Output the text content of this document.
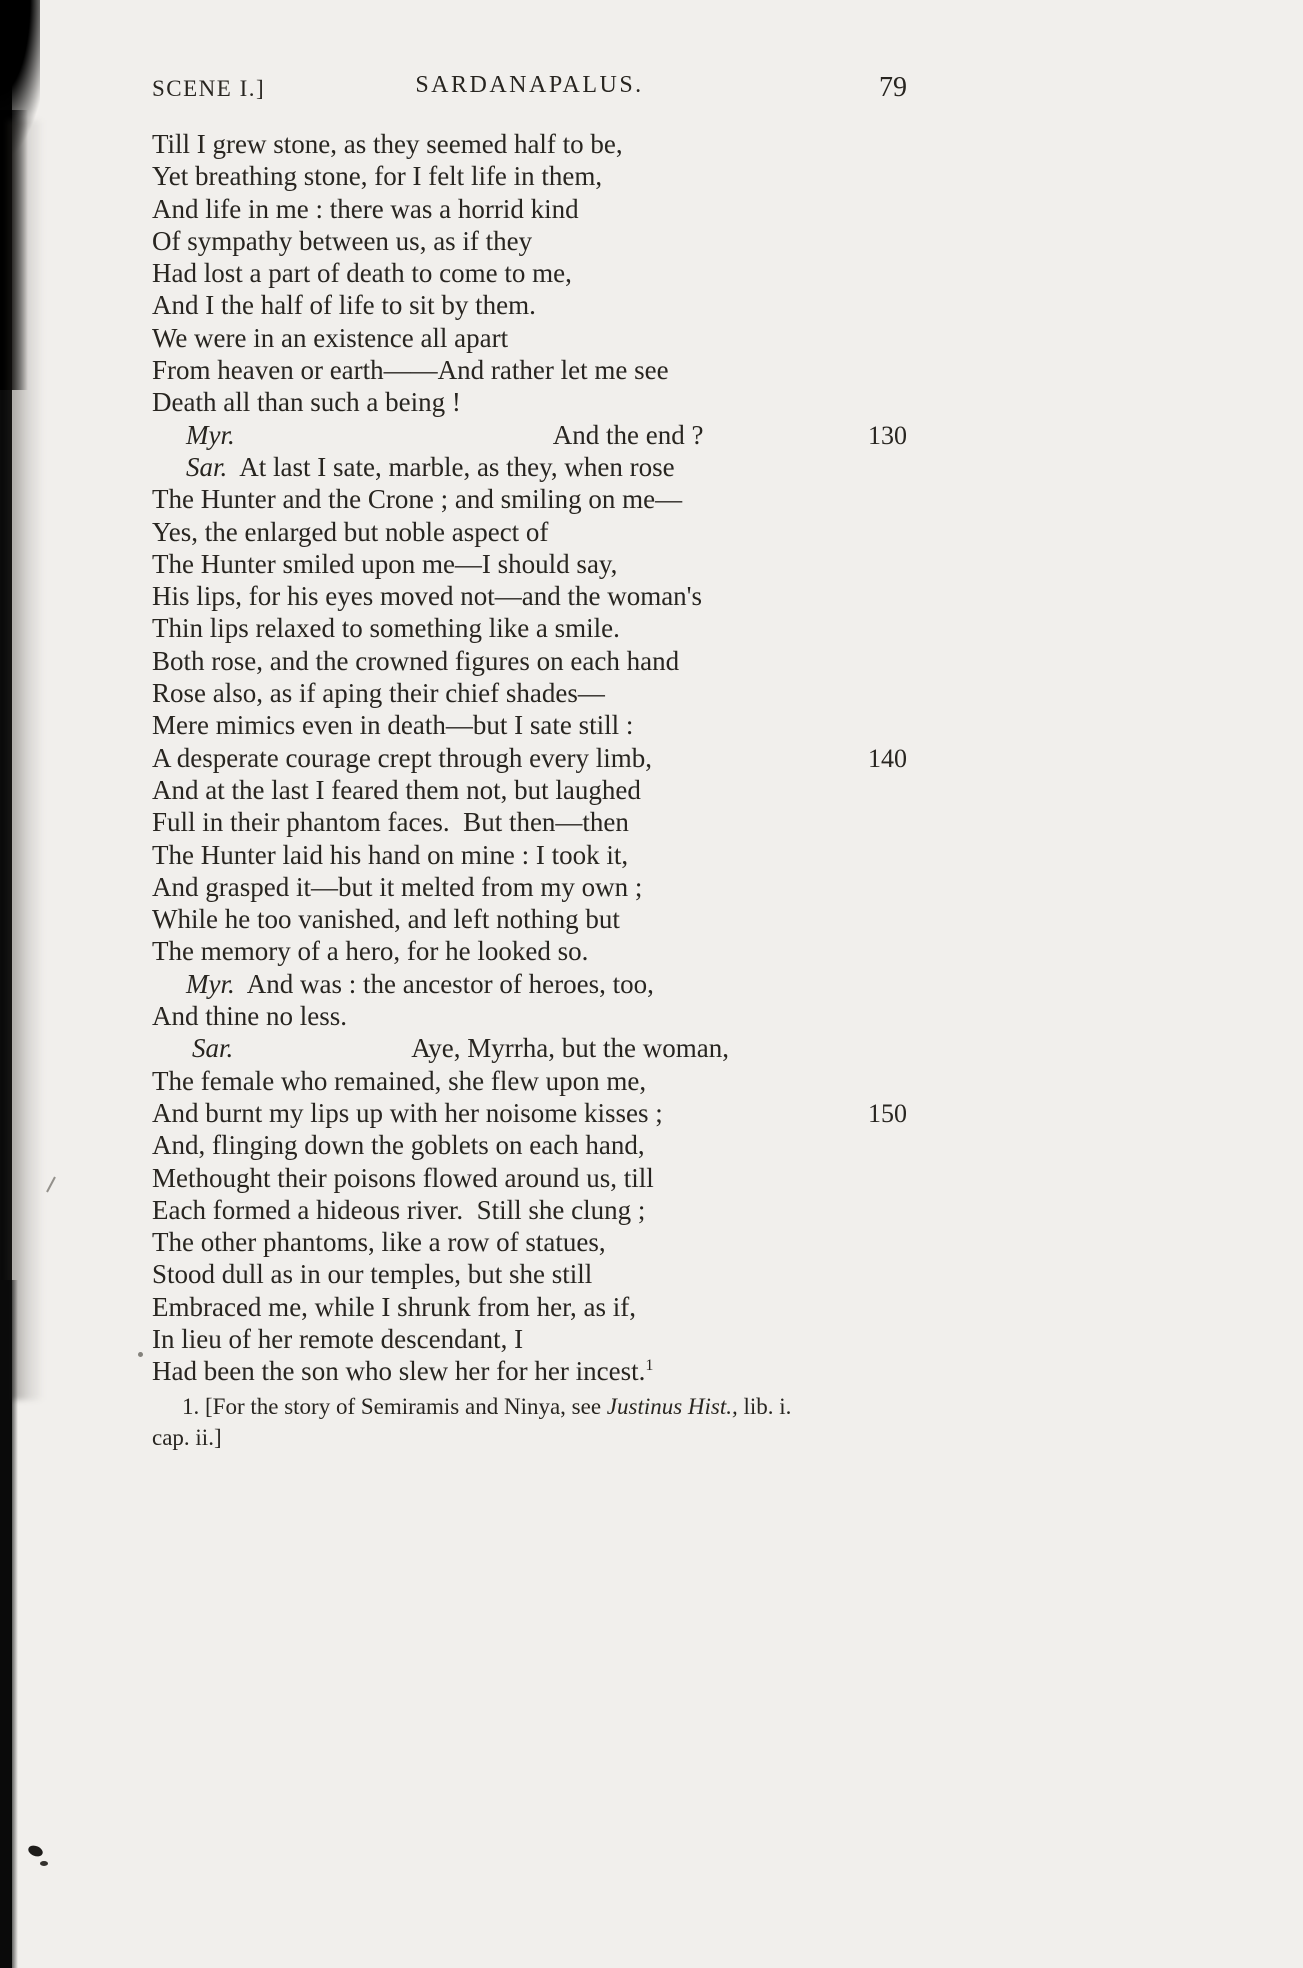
SCENE I.]	SARDANAPALUS.	79
Till I grew stone, as they seemed half to be,
Yet breathing stone, for I felt life in them,
And life in me : there was a horrid kind
Of sympathy between us, as if they
Had lost a part of death to come to me,
And I the half of life to sit by them.
We were in an existence all apart
From heaven or earth——And rather let me see
Death all than such a being !
Myr.	And the end ?	130
Sar. At last I sate, marble, as they, when rose
The Hunter and the Crone ; and smiling on me—
Yes, the enlarged but noble aspect of
The Hunter smiled upon me—I should say,
His lips, for his eyes moved not—and the woman's
Thin lips relaxed to something like a smile.
Both rose, and the crowned figures on each hand
Rose also, as if aping their chief shades—
Mere mimics even in death—but I sate still :
A desperate courage crept through every limb,	140
And at the last I feared them not, but laughed
Full in their phantom faces.  But then—then
The Hunter laid his hand on mine : I took it,
And grasped it—but it melted from my own ;
While he too vanished, and left nothing but
The memory of a hero, for he looked so.
Myr. And was : the ancestor of heroes, too,
And thine no less.
Sar.	Aye, Myrrha, but the woman,
The female who remained, she flew upon me,
And burnt my lips up with her noisome kisses ;	150
And, flinging down the goblets on each hand,
Methought their poisons flowed around us, till
Each formed a hideous river.  Still she clung ;
The other phantoms, like a row of statues,
Stood dull as in our temples, but she still
Embraced me, while I shrunk from her, as if,
In lieu of her remote descendant, I
Had been the son who slew her for her incest.$^1$
1. [For the story of Semiramis and Ninya, see Justinus Hist., lib. i.
cap. ii.]
